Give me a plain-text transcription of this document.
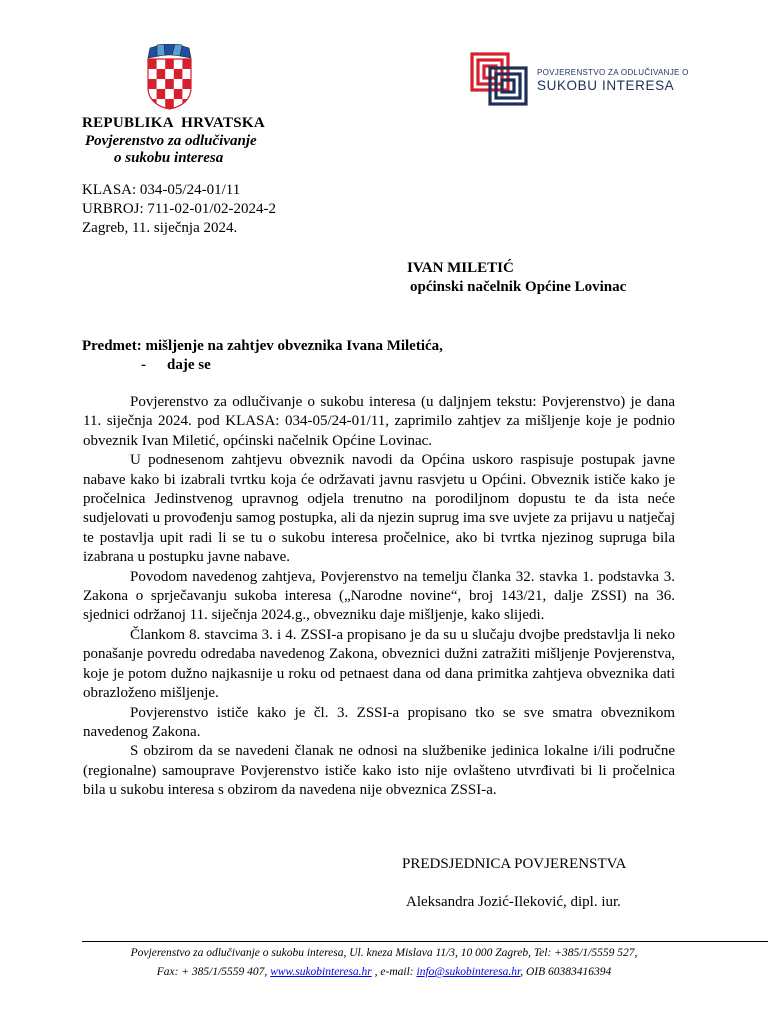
POVJERENSTVO ZA ODLUČIVANJE O
SUKOBU INTERESA
REPUBLIKA  HRVATSKA
Povjerenstvo za odlučivanje
o sukobu interesa
KLASA: 034-05/24-01/11
URBROJ: 711-02-01/02-2024-2
Zagreb, 11. siječnja 2024.
IVAN MILETIĆ
općinski načelnik Općine Lovinac
Predmet: mišljenje na zahtjev obveznika Ivana Miletića,
- daje se

Povjerenstvo za odlučivanje o sukobu interesa (u daljnjem tekstu: Povjerenstvo) je dana 11. siječnja 2024. pod KLASA: 034-05/24-01/11, zaprimilo zahtjev za mišljenje koje je podnio obveznik Ivan Miletić, općinski načelnik Općine Lovinac.

U podnesenom zahtjevu obveznik navodi da Općina uskoro raspisuje postupak javne nabave kako bi izabrali tvrtku koja će održavati javnu rasvjetu u Općini. Obveznik ističe kako je pročelnica Jedinstvenog upravnog odjela trenutno na porodiljnom dopustu te da ista neće sudjelovati u provođenju samog postupka, ali da njezin suprug ima sve uvjete za prijavu u natječaj te postavlja upit radi li se tu o sukobu interesa pročelnice, ako bi tvrtka njezinog supruga bila izabrana u postupku javne nabave.

Povodom navedenog zahtjeva, Povjerenstvo na temelju članka 32. stavka 1. podstavka 3. Zakona o sprječavanju sukoba interesa („Narodne novine“, broj 143/21, dalje ZSSI) na 36. sjednici održanoj 11. siječnja 2024.g., obvezniku daje mišljenje, kako slijedi.

Člankom 8. stavcima 3. i 4. ZSSI-a propisano je da su u slučaju dvojbe predstavlja li neko ponašanje povredu odredaba navedenog Zakona, obveznici dužni zatražiti mišljenje Povjerenstva, koje je potom dužno najkasnije u roku od petnaest dana od dana primitka zahtjeva obveznika dati obrazloženo mišljenje.

Povjerenstvo ističe kako je čl. 3. ZSSI-a propisano tko se sve smatra obveznikom navedenog Zakona.

S obzirom da se navedeni članak ne odnosi na službenike jedinica lokalne i/ili područne (regionalne) samouprave Povjerenstvo ističe kako isto nije ovlašteno utvrđivati bi li pročelnica bila u sukobu interesa s obzirom da navedena nije obveznica ZSSI-a.

PREDSJEDNICA POVJERENSTVA
Aleksandra Jozić-Ileković, dipl. iur.
Povjerenstvo za odlučivanje o sukobu interesa, Ul. kneza Mislava 11/3, 10 000 Zagreb, Tel: +385/1/5559 527,
Fax: + 385/1/5559 407, www.sukobinteresa.hr , e-mail: info@sukobinteresa.hr, OIB 60383416394
